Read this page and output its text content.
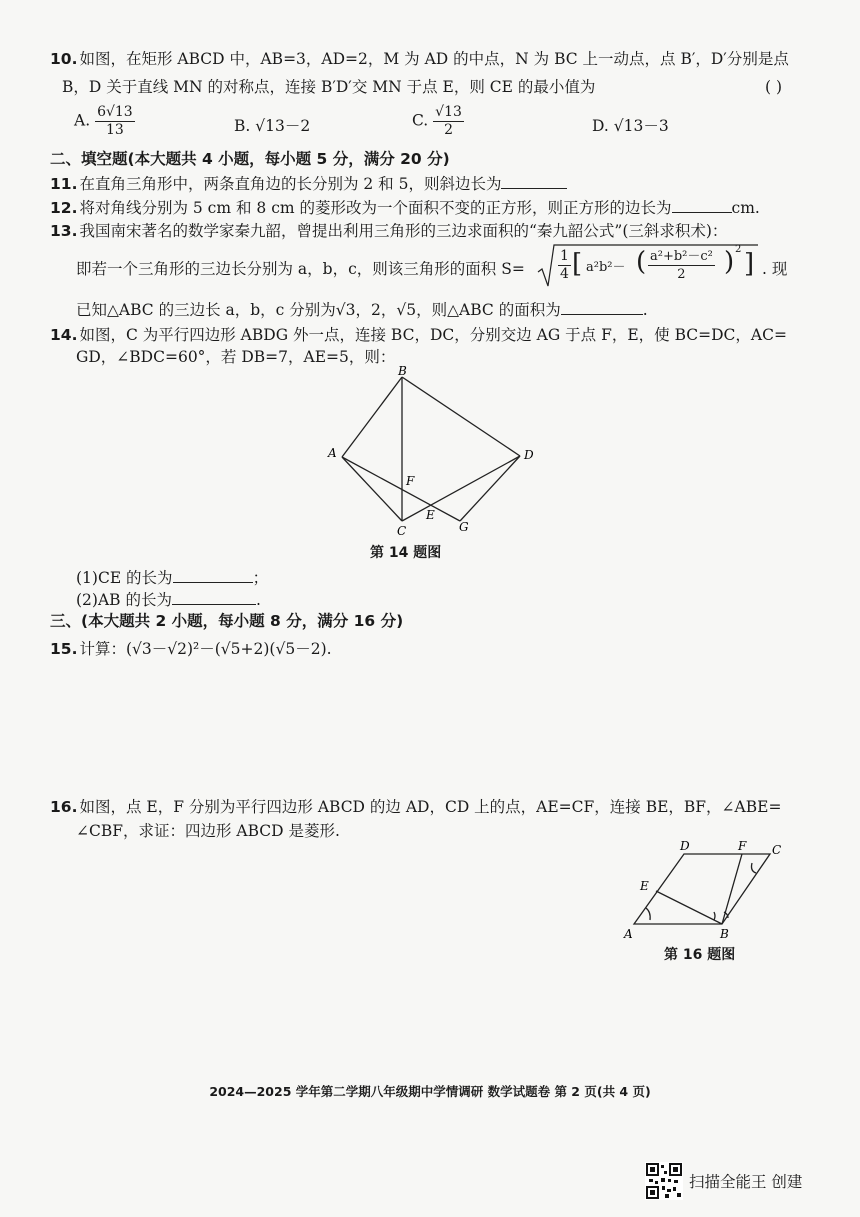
10. 如图，在矩形 ABCD 中，AB=3，AD=2，M 为 AD 的中点，N 为 BC 上一动点，点 B′，D′分别是点
B，D 关于直线 MN 的对称点，连接 B′D′交 MN 于点 E，则 CE 的最小值为	( )
A. $\frac{6√13}{13}$	B. √13－2	C. $\frac{√13}{2}$	D. √13－3
二、填空题(本大题共 4 小题，每小题 5 分，满分 20 分)
11. 在直角三角形中，两条直角边的长分别为 2 和 5，则斜边长为
12. 将对角线分别为 5 cm 和 8 cm 的菱形改为一个面积不变的正方形，则正方形的边长为	cm.
13. 我国南宋著名的数学家秦九韶，曾提出利用三角形的三边求面积的“秦九韶公式”(三斜求积术)：
即若一个三角形的三边长分别为 a，b，c，则该三角形的面积 $S= \frac{1}{4}$ [ a²b²－ ( $\frac{\text{a²+b²－c²}}{2}$ ) 2 ] . 现
已知△ABC 的三边长 a，b，c 分别为√3，2，√5，则△ABC 的面积为	.
14. 如图，C 为平行四边形 ABDG 外一点，连接 BC，DC，分别交边 AG 于点 F，E，使 BC=DC，AC=
GD，∠BDC=60°，若 DB=7，AE=5，则：
B
A	D
F
E
C	G
第 14 题图
(1)CE 的长为	；
(2)AB 的长为	.
三、(本大题共 2 小题，每小题 8 分，满分 16 分)
15. 计算：(√3－√2)²－(√5+2)(√5－2).
16. 如图，点 E，F 分别为平行四边形 ABCD 的边 AD，CD 上的点，AE=CF，连接 BE，BF，∠ABE=
∠CBF，求证：四边形 ABCD 是菱形.
D	F C
E
A	B
第 16 题图
2024—2025 学年第二学期八年级期中学情调研 数学试题卷 第 2 页(共 4 页)
扫描全能王 创建
